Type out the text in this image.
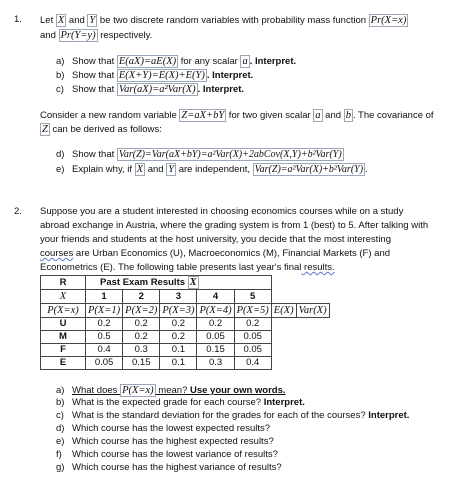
1. Let X and Y be two discrete random variables with probability mass function Pr(X=x)
and Pr(Y=y) respectively.
a) Show that E(aX)=aE(X) for any scalar a . Interpret.
b) Show that E(X+Y)=E(X)+E(Y) . Interpret.
c) Show that Var(aX)=a²Var(X) . Interpret.
Consider a new random variable Z=aX+bY for two given scalar a and b . The covariance of
Z can be derived as follows:
d) Show that Var(Z)=Var(aX+bY)=a²Var(X)+2abCov(X,Y)+b²Var(Y)
e) Explain why, if X and Y are independent, Var(Z)=a²Var(X)+b²Var(Y) .
2. Suppose you are a student interested in choosing economics courses while on a study
abroad exchange in Austria, where the grading system is from 1 (best) to 5. After talking with
your friends and students at the host university, you decide that the most interesting
courses are Urban Economics (U), Macroeconomics (M), Financial Markets (F) and
Econometrics (E). The following table presents last year's final results.
R	Past Exam Results X						
X	1	2	3	4	5		
P(X=x)	P(X=1)	P(X=2)	P(X=3)	P(X=4)	P(X=5)	E(X)	Var(X)
U	0.2	0.2	0.2	0.2	0.2		
M	0.5	0.2	0.2	0.05	0.05		
F	0.4	0.3	0.1	0.15	0.05		
E	0.05	0.15	0.1	0.3	0.4		
a) What does P(X=x) mean? Use your own words.
b) What is the expected grade for each course? Interpret.
c) What is the standard deviation for the grades for each of the courses? Interpret.
d) Which course has the lowest expected results?
e) Which course has the highest expected results?
f) Which course has the lowest variance of results?
g) Which course has the highest variance of results?
